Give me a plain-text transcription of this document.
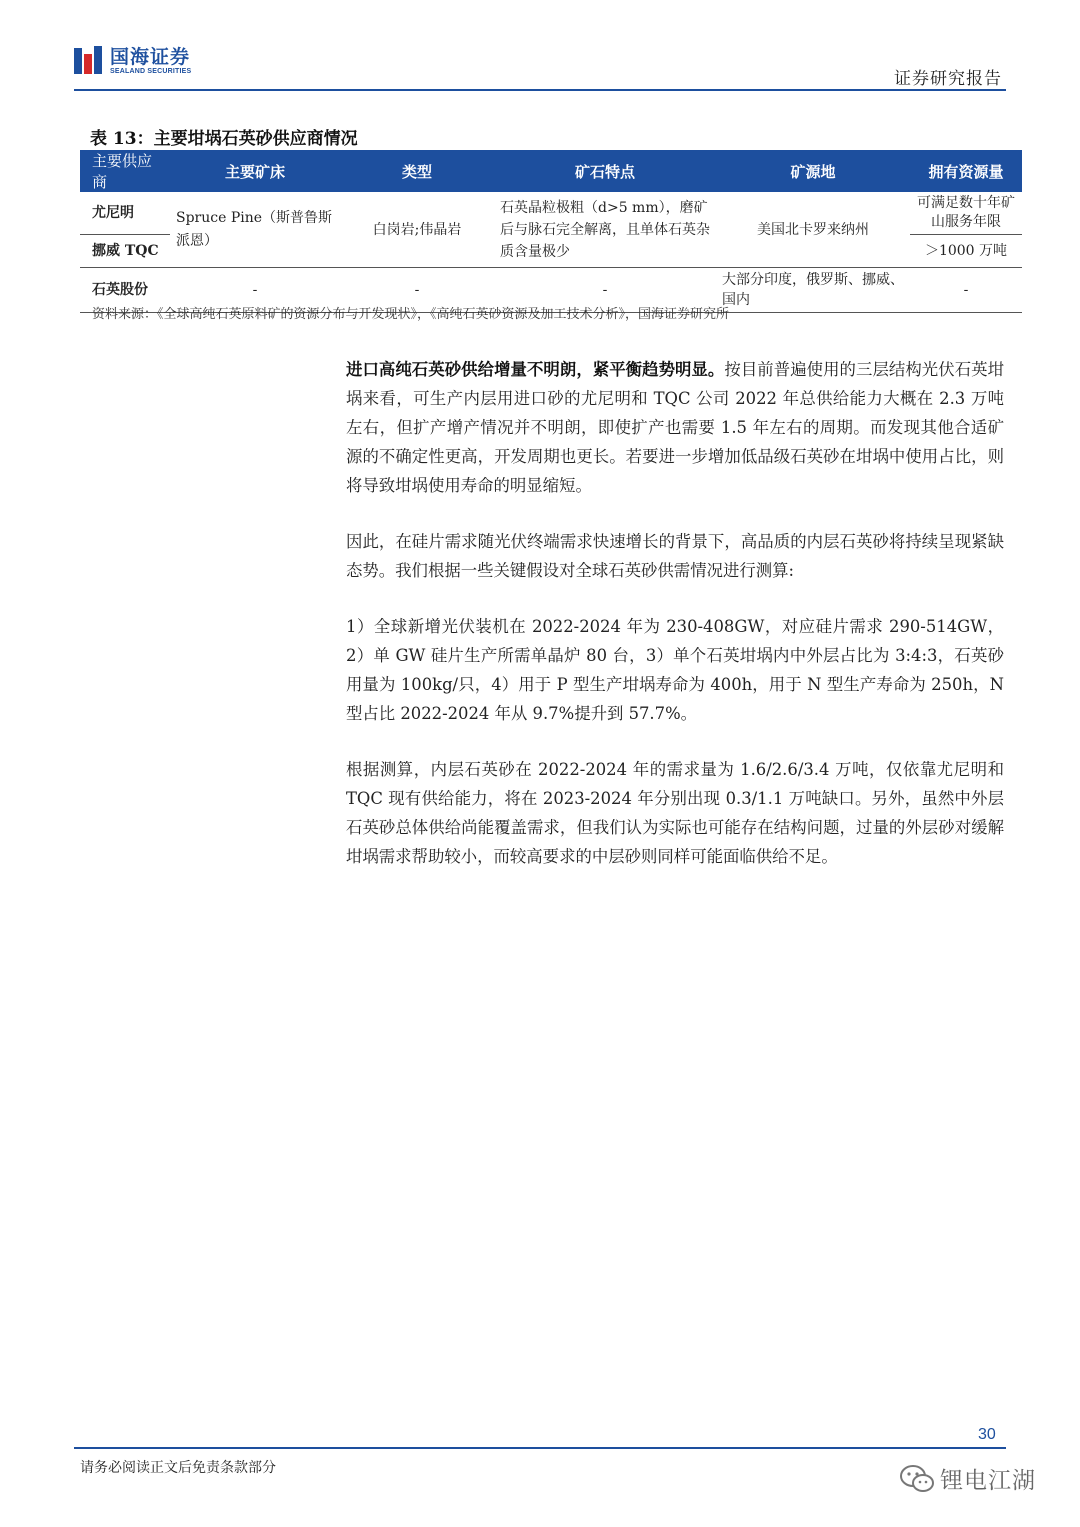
国海证券
SEALAND SECURITIES	证券研究报告
表 13：主要坩埚石英砂供应商情况
主要供应商	主要矿床	类型	矿石特点	矿源地	拥有资源量
尤尼明	Spruce Pine（斯普鲁斯派恩）	白岗岩;伟晶岩	石英晶粒极粗（d>5 mm），磨矿后与脉石完全解离，且单体石英杂质含量极少	美国北卡罗来纳州	可满足数十年矿山服务年限
挪威 TQC					＞1000 万吨
石英股份	-	-	-	大部分印度，俄罗斯、挪威、国内	-
资料来源：《全球高纯石英原料矿的资源分布与开发现状》，《高纯石英砂资源及加工技术分析》，国海证券研究所

进口高纯石英砂供给增量不明朗，紧平衡趋势明显。按目前普遍使用的三层结构光伏石英坩埚来看，可生产内层用进口砂的尤尼明和 TQC 公司 2022 年总供给能力大概在 2.3 万吨左右，但扩产增产情况并不明朗，即使扩产也需要 1.5 年左右的周期。而发现其他合适矿源的不确定性更高，开发周期也更长。若要进一步增加低品级石英砂在坩埚中使用占比，则将导致坩埚使用寿命的明显缩短。

因此，在硅片需求随光伏终端需求快速增长的背景下，高品质的内层石英砂将持续呈现紧缺态势。我们根据一些关键假设对全球石英砂供需情况进行测算:

1）全球新增光伏装机在 2022-2024 年为 230-408GW，对应硅片需求 290-514GW，2）单 GW 硅片生产所需单晶炉 80 台，3）单个石英坩埚内中外层占比为 3:4:3，石英砂用量为 100kg/只，4）用于 P 型生产坩埚寿命为 400h，用于 N 型生产寿命为 250h，N 型占比 2022-2024 年从 9.7%提升到 57.7%。

根据测算，内层石英砂在 2022-2024 年的需求量为 1.6/2.6/3.4 万吨，仅依靠尤尼明和 TQC 现有供给能力，将在 2023-2024 年分别出现 0.3/1.1 万吨缺口。另外，虽然中外层石英砂总体供给尚能覆盖需求，但我们认为实际也可能存在结构问题，过量的外层砂对缓解坩埚需求帮助较小，而较高要求的中层砂则同样可能面临供给不足。

30
请务必阅读正文后免责条款部分	锂电江湖
